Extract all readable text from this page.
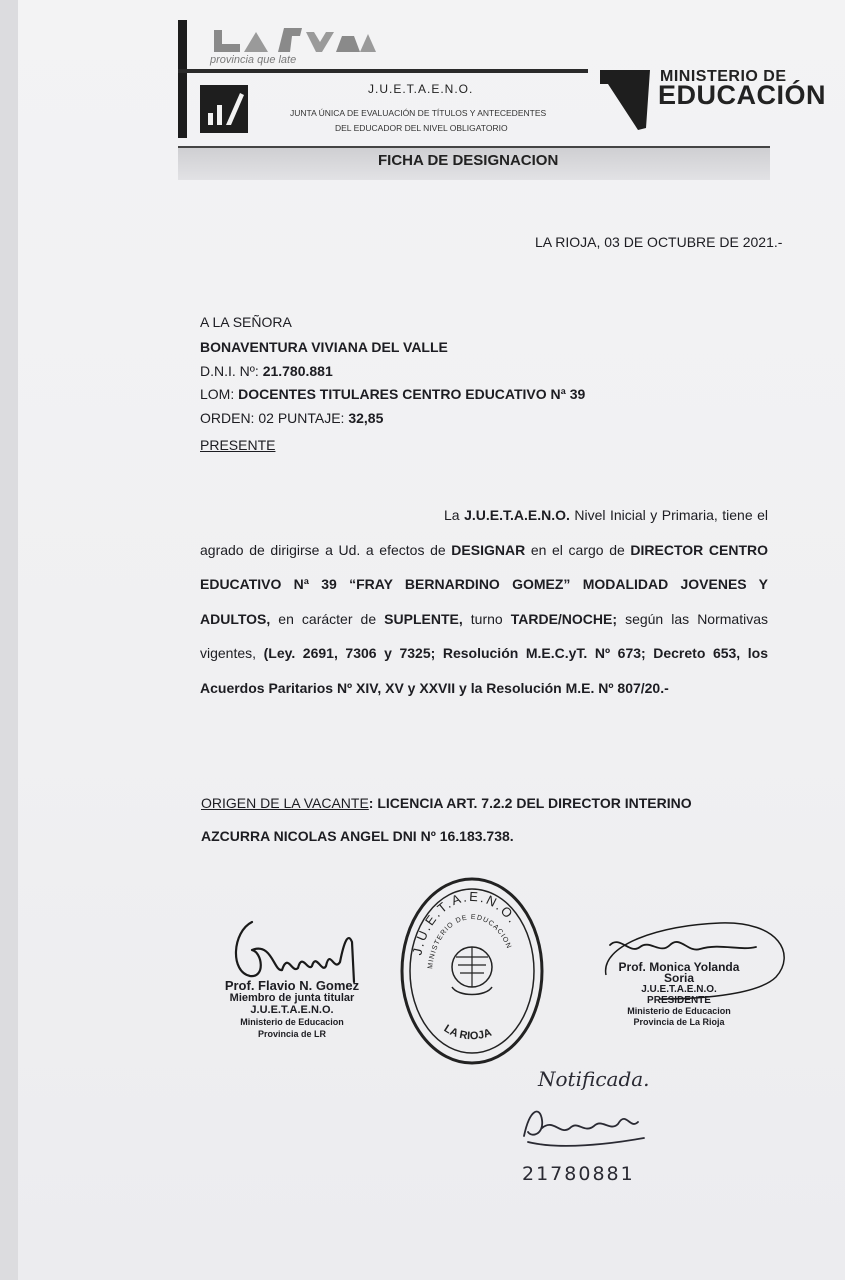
provincia que late
J.U.E.T.A.E.N.O.
JUNTA ÚNICA DE EVALUACIÓN DE TÍTULOS Y ANTECEDENTES
DEL EDUCADOR DEL NIVEL OBLIGATORIO
MINISTERIO DE
EDUCACIÓN
FICHA DE DESIGNACION
LA RIOJA, 03 DE OCTUBRE DE 2021.-
A LA SEÑORA
BONAVENTURA VIVIANA DEL VALLE
D.N.I. Nº: 21.780.881
LOM: DOCENTES TITULARES CENTRO EDUCATIVO Nª 39
ORDEN: 02 PUNTAJE: 32,85
PRESENTE

La J.U.E.T.A.E.N.O. Nivel Inicial y Primaria, tiene el agrado de dirigirse a Ud. a efectos de DESIGNAR en el cargo de DIRECTOR CENTRO EDUCATIVO Nª 39 “FRAY BERNARDINO GOMEZ” MODALIDAD JOVENES Y ADULTOS, en carácter de SUPLENTE, turno TARDE/NOCHE; según las Normativas vigentes, (Ley. 2691, 7306 y 7325; Resolución M.E.C.yT. Nº 673; Decreto 653, los Acuerdos Paritarios Nº XIV, XV y XXVII y la Resolución M.E. Nº 807/20.-

ORIGEN DE LA VACANTE: LICENCIA ART. 7.2.2 DEL DIRECTOR INTERINO
AZCURRA NICOLAS ANGEL DNI Nº 16.183.738.
Prof. Flavio N. Gomez
Miembro de junta titular
J.U.E.T.A.E.N.O.
Ministerio de Educacion
Provincia de LR
J.U.E.T.A.E.N.O.
MINISTERIO DE EDUCACION
LA RIOJA
Prof. Monica Yolanda Soria
J.U.E.T.A.E.N.O.
PRESIDENTE
Ministerio de Educacion
Provincia de La Rioja
Notificada.
21780881
